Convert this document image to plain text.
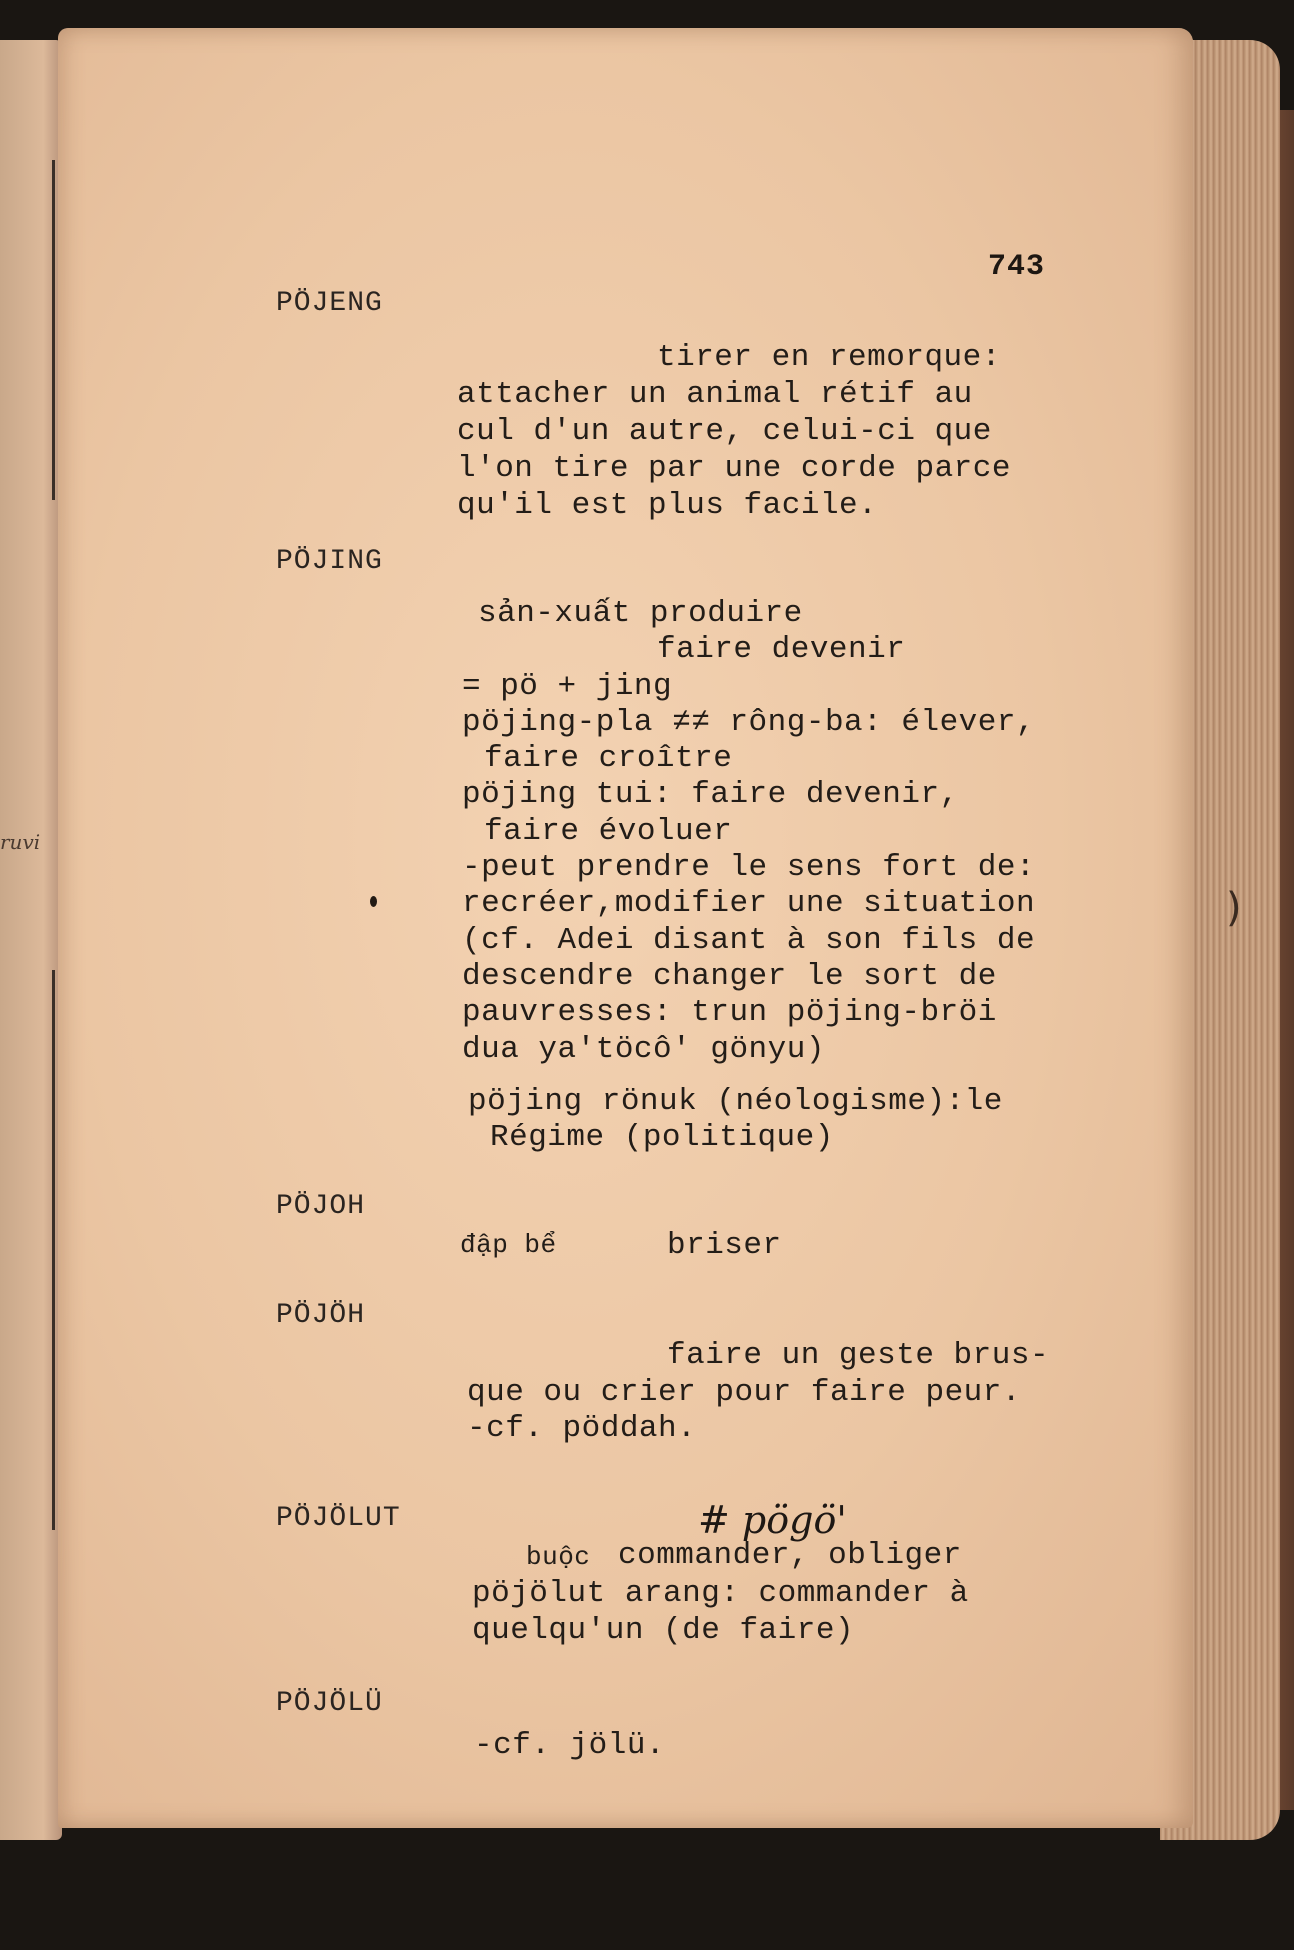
ruvi
743
PÖJENG
tirer en remorque:
attacher un animal rétif au
cul d'un autre, celui-ci que
l'on tire par une corde parce
qu'il est plus facile.
PÖJING
sản-xuất produire
faire devenir
= pö + jing
pöjing-pla ≠≠ rông-ba: élever,
faire croître
pöjing tui: faire devenir,
faire évoluer
-peut prendre le sens fort de:
recréer,modifier une situation
(cf. Adei disant à son fils de
descendre changer le sort de
pauvresses: trun pöjing-bröi
dua ya'töcô' gönyu)
pöjing rönuk (néologisme):le
Régime (politique)
PÖJOH
đập bể	briser
PÖJÖH
faire un geste brus-
que ou crier pour faire peur.
-cf. pöddah.
PÖJÖLUT	# pögö'
buộc commander, obliger
pöjölut arang: commander à
quelqu'un (de faire)
PÖJÖLÜ
-cf. jölü.
)
